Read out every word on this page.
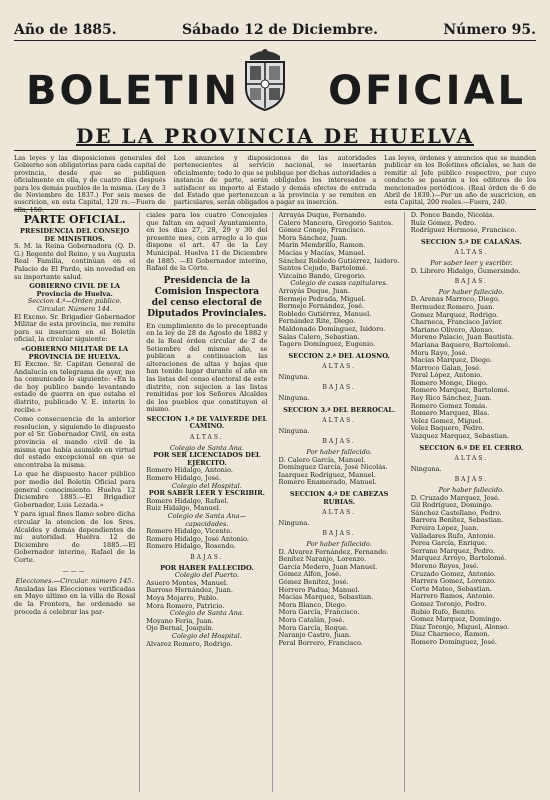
Año de 1885.	Sábado 12 de Diciembre.	Número 95.
BOLETIN OFICIAL
DE LA PROVINCIA DE HUELVA
Las leyes y las disposiciones generales del Gobierno son obligatorias para cada capital de provincia, desde que se publiquen oficialmente en ella, y de cuatro días después para los demás pueblos de la misma. (Ley de 3 de Noviembre de 1837.) Por seis meses de suscricion, en esta Capital, 120 rs.—Fuera de ella, 150.
Los anuncios y disposiciones de las autoridades pertenecientes al servicio nacional, se insertarán oficialmente; todo lo que se publique por dichas autoridades a instancia de parte, serán obligados los interesados a satisfacer su importe al Estado y demás efectos de entrada del Estado que pertenezcan a la provincia y se remiten en particulares, serán obligados a pagar su inserción.
Las leyes, órdenes y anuncios que se manden publicar en los Boletines oficiales, se han de remitir al Jefe público respectivo, por cuyo conducto se pasarán a los editores de los mencionados periódicos. (Real órden de 6 de Abril de 1839.)—Por un año de suscricion, en esta Capital, 200 reales.—Fuera, 240.
PARTE OFICIAL.
PRESIDENCIA DEL CONSEJO DE MINISTROS.

S. M. la Reina Gobernadora (Q. D. G.) Regente del Reino, y su Augusta Real Familia, continúan en el Palacio de El Pardo, sin novedad en su importante salud.

GOBIERNO CIVIL DE LA Provincia de Huelva.
Seccion 4.ª—Orden público. Circular. Número 144.

El Excmo. Sr. Brigadier Gobernador Militar de esta provincia, me remite para su insercion en el Boletín oficial, la circular siguiente:

«GOBIERNO MILITAR DE LA PROVINCIA DE HUELVA.

El Excmo. Sr. Capitan General de Andalucía en telegrama de ayer, me ha comunicado lo siguiente: «En la de hoy publico bando levantando estado de guerra en que estaba el distrito, publicado V. E. interin lo recibe.»

Como consecuencia de la anterior resolucion, y siguiendo lo dispuesto por el Sr. Gobernador Civil, en esta provincia el mando civil de la misma que había asumido en virtud del estado excepcional en que se encontraba la misma.

Lo que he dispuesto hacer público por medio del Boletín Oficial para general conocimiento. Huelva 12 Diciembre 1885.—El Brigadier Gobernador, Luis Lezada.»

Y para igual fines llamo sobre dicha circular la atencion de los Sres. Alcaldes y demás dependientes de mi autoridad. Huelva 12 de Diciembre de 1885.—El Gobernador interino, Rafael de la Corte.

———
Elecciones.—Circular. número 145.

Anuladas las Elecciones verificadas en Mayo último en la villa de Rosal de la Frontera, he ordenado se proceda á celebrar las par-

ciales para los cuatro Concejales que faltan en aquel Ayuntamiento, en los días 27, 28, 29 y 30 del presente mes, con arreglo a lo que dispone el art. 47 de la Ley Municipal. Huelva 11 de Diciembre de 1885. —El Gobernador interino, Rafael de la Córte.

Presidencia de la Comision Inspectora del censo electoral de Diputados Provinciales.

En cumplimiento de lo preceptuado en la ley de 28 de Agosto de 1882 y de la Real órden circular de 2 de Setiembre del mismo año, se publican a continuacion las alteraciones de altas y bajas que han tenido lugar durante el año en las listas del censo electoral de este distrito, con sujecion a las listas remitidas por los Señores Alcaldes de los pueblos que constituyen el mismo.

SECCION 1.ª DE VALVERDE DEL CAMINO.
ALTAS.
Colegio de Santa Ana.
POR SER LICENCIADOS DEL EJÉRCITO.
Romero Hidalgo, Antonio.
Romero Hidalgo, José.
Colegio del Hospital.
POR SABER LEER Y ESCRIBIR.
Romero Hidalgo, Rafael.
Ruiz Hidalgo, Manuel.
Colegio de Santa Ana—capacidades.
Romero Hidalgo, Vicente.
Romero Hidalgo, José Antonio.
Romero Hidalgo, Rosendo.
BAJAS.
POR HABER FALLECIDO.
Colegio del Puerto.
Asuero Montes, Manuel.
Barroso Hernández, Juan.
Moya Mojarro, Pablo.
Mora Romero, Patricio.
Colegio de Santa Ana.
Moyano Feria, Juan.
Ojo Bernal, Joaquín.
Colegio del Hospital.
Alvarez Romero, Rodrigo.
Arrayás Duque, Fernando.
Calero Mancera, Gregorio Santos.
Gómez Conejo, Francisco.
Mora Sánchez, Juan.
Marín Membrillo, Ramon.
Macías y Macías, Manuel.
Sánchez Robledo Gutiérrez, Isidoro.
Santos Cejudo, Bartolomé.
Vizcaíno Bando, Gregorio.
Colegio de casas capitulares.
Arrayás Duque, Juan.
Bermejo Pedrada, Miguel.
Bermejo Fernández, José.
Robledo Gutiérrez, Manuel.
Fernández Rite, Diego.
Maldonado Domínguez, Isidoro.
Salas Calero, Sebastian.
Tagero Domínguez, Eugenio.
SECCION 2.ª DEL ALOSNO.
ALTAS.
Ninguna.
BAJAS.
Ninguna.
SECCION 3.ª DEL BERROCAL.
ALTAS.
Ninguna.
BAJAS.
Por haber fallecido.
D. Calero García, Manuel.
Domínguez García, José Nicolás.
Iaarquez Rodríguez, Manuel.
Romero Enamorado, Manuel.
SECCION 4.ª DE CABEZAS RUBIAS.
ALTAS.
Ninguna.
BAJAS.
Por haber fallecido.
D. Alvarez Fernández, Fernando.
Benítez Naranjo, Lorenzo.
García Medero, Juan Manuel.
Gómez Alfon, José.
Gómez Benítez, José.
Herrero Padua, Manuel.
Macías Marquez, Sebastian.
Mora Blanco, Diego.
Mora García, Francisco.
Mora Catalán, José.
Mora García, Roque.
Naranjo Castro, Juan.
Peral Borrero, Francisco.
D. Ponce Bando, Nicolás.
Ruíz Gómez, Pedro.
Rodríguez Hermoso, Francisco.
SECCION 5.ª DE CALAÑAS.
ALTAS.
Por saber leer y escribir.
D. Librero Hidalgo, Gumersindo.
BAJAS.
Por haber fallecido.
D. Arenas Marroco, Diego.
Bermudez Romero, Juan.
Gomez Marquez, Rodrigo.
Charneca, Francisco Javier.
Mariano Olivero, Alonso.
Moreno Palacio, Juan Bautista.
Mariana Baquero, Bartolomé.
Mora Rayo, José.
Macías Marquez, Diego.
Marroco Galan, José.
Peral López, Antonio.
Romero Monge, Diego.
Romero Marquez, Bartolomé.
Rey Rico Sánchez, Juan.
Romero Gomez Tomás.
Romero Marquez, Blas.
Velez Gomez, Miguel.
Velez Baquero, Pedro.
Vazquez Marquez, Sebastian.
SECCION 6.ª DE EL CERRO.
ALTAS.
Ninguna.
BAJAS.
Por haber fallecido.
D. Cruzado Marquez, José.
Gil Rodríguez, Domingo.
Sánchez Castellano, Pedro.
Barrera Benítez, Sebastian.
Pereira López, Juan.
Valladares Rufo, Antonio.
Perea García, Enrique.
Serrano Marquez, Pedro.
Marquez Arroyo, Bartolomé.
Moreno Reyes, José.
Cruzado Gomez, Antonio.
Harrera Gomez, Lorenzo.
Corte Mateo, Sebastian.
Harrero Ramos, Antonio.
Gomez Toronjo, Pedro.
Rubio Rufo, Benito.
Gomez Marquez, Domingo.
Diaz Toronjo, Miguel, Alonso.
Diaz Charneco, Ramon.
Romero Domínguez, José.
